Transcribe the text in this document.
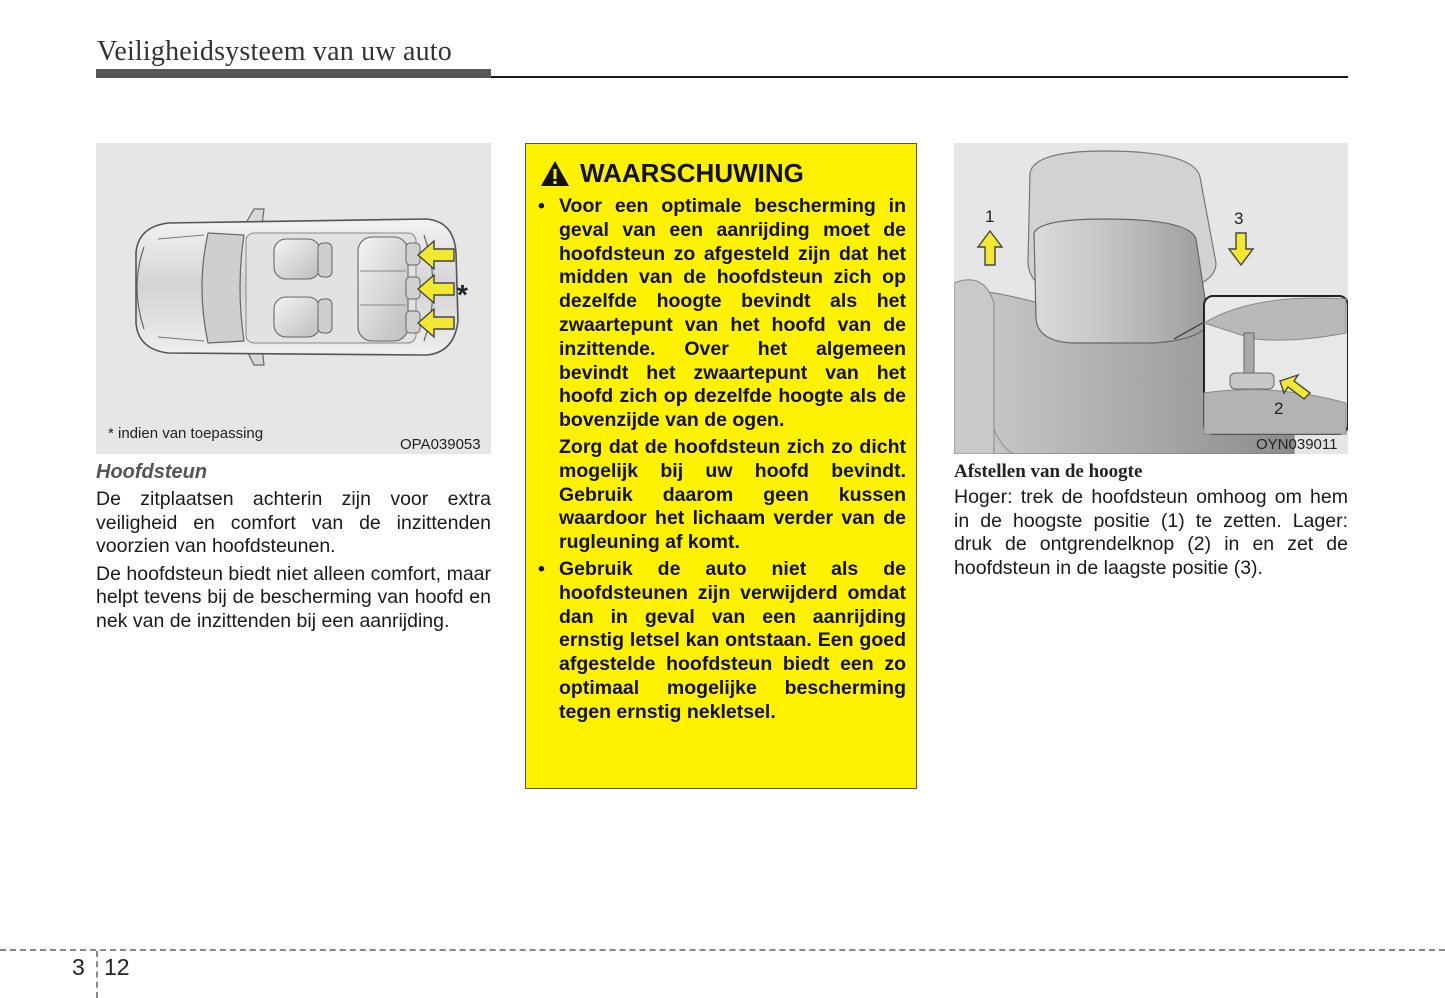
Veiligheidsysteem van uw auto
*
* indien van toepassing
OPA039053
Hoofdsteun

De zitplaatsen achterin zijn voor extra veiligheid en comfort van de inzittenden voorzien van hoofdsteunen.

De hoofdsteun biedt niet alleen comfort, maar helpt tevens bij de bescherming van hoofd en nek van de inzittenden bij een aanrijding.

WAARSCHUWING
• Voor een optimale bescherming in geval van een aanrijding moet de hoofdsteun zo afgesteld zijn dat het midden van de hoofdsteun zich op dezelfde hoogte bevindt als het zwaartepunt van het hoofd van de inzittende. Over het algemeen bevindt het zwaartepunt van het hoofd zich op dezelfde hoogte als de bovenzijde van de ogen.

Zorg dat de hoofdsteun zich zo dicht mogelijk bij uw hoofd bevindt. Gebruik daarom geen kussen waardoor het lichaam verder van de rugleuning af komt.

• Gebruik de auto niet als de hoofdsteunen zijn verwijderd omdat dan in geval van een aanrijding ernstig letsel kan ontstaan. Een goed afgestelde hoofdsteun biedt een zo optimaal mogelijke bescherming tegen ernstig nekletsel.

1
2
3
OYN039011
Afstellen van de hoogte

Hoger: trek de hoofdsteun omhoog om hem in de hoogste positie (1) te zetten. Lager: druk de ontgrendelknop (2) in en zet de hoofdsteun in de laagste positie (3).

3 12
